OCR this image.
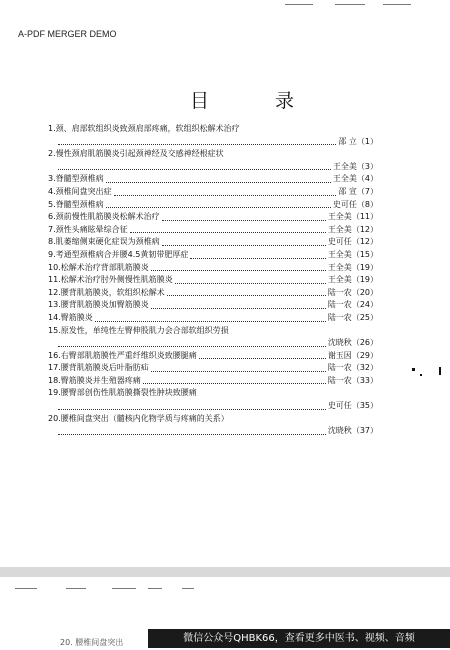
A-PDF MERGER DEMO
目 录
1.颈、肩部软组织炎致颈肩部疼痛，软组织松解术治疗
邵 立（1）
2.慢性颈肩肌筋膜炎引起颈神经及交感神经根症状
王全美（3）
3. 脊髓型颈椎病	王全美（4）
4. 颈椎间盘突出症	邵 宣（7）
5. 脊髓型颈椎病	史可任（8）
6. 颈前慢性肌筋膜炎松解术治疗	王全美（11）
7. 颈性头痛眩晕综合征	王全美（12）
8. 肌萎缩侧束硬化症误为颈椎病	史可任（12）
9. 考通型颈椎病合并腰4.5黄韧带肥厚症	王全美（15）
10. 松解术治疗背部肌筋膜炎	王全美（19）
11. 松解术治疗肘外侧慢性肌筋膜炎	王全美（19）
12. 腰背肌筋膜炎，软组织松解术	陆一农（20）
13. 腰背肌筋膜炎加臀筋膜炎	陆一农（24）
14. 臀筋膜炎	陆一农（25）
15.原发性，单纯性左臀伸股肌力会合部软组织劳损
沈晓秋（26）
16. 右臀部肌筋膜性严重纤维织炎致腰腿痛	谢玉因（29）
17. 腰背肌筋膜炎后叶脂肪疝	陆一农（32）
18. 臀筋膜炎并生殖器疼痛	陆一农（33）
19.腰臀部创伤性肌筋膜撕裂性肿块致腰痛
史可任（35）
20.腰椎间盘突出（髓核内化物学质与疼痛的关系）
沈晓秋（37）
20. 腰椎间盘突出	微信公众号QHBK66，查看更多中医书、视频、音频
